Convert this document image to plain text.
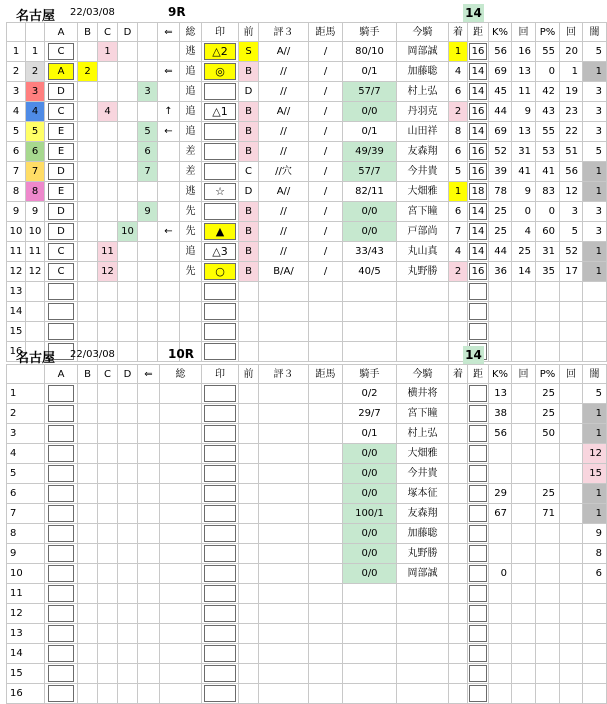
名古屋 22/03/08	9R	14
		A	B	C	D		⇐	総	印	前	評３	距馬	騎手	今騎	着	距	K%	回	P%	回	闇
1	1	C		1				逃	△2	S	A//	/	80/10	岡部誠	1	16	56	16	55	20	5
2	2	A	2				⇐	追	◎	B	//	/	0/1	加藤聡	4	14	69	13	0	1	1
3	3	D				3		追		D	//	/	57/7	村上弘	6	14	45	11	42	19	3
4	4	C		4			↑	追	△1	B	A//	/	0/0	丹羽克	2	16	44	9	43	23	3
5	5	E				5	←	追		B	//	/	0/1	山田祥	8	14	69	13	55	22	3
6	6	E				6		差		B	//	/	49/39	友森翔	6	16	52	31	53	51	5
7	7	D				7		差		C	//穴	/	57/7	今井貴	5	16	39	41	41	56	1
8	8	E						逃	☆	D	A//	/	82/11	大畑雅	1	18	78	9	83	12	1
9	9	D				9		先		B	//	/	0/0	宮下瞳	6	14	25	0	0	3	3
10	10	D			10		←	先	▲	B	//	/	0/0	戸部尚	7	14	25	4	60	5	3
11	11	C		11				追	△3	B	//	/	33/43	丸山真	4	14	44	25	31	52	1
12	12	C		12				先	○	B	B/A/	/	40/5	丸野勝	2	16	36	14	35	17	1
13		

14		

15		

16		

名古屋 22/03/08	10R	14
	A	B	C	D	⇐	総	印	前	評３	距馬	騎手	今騎	着	距	K%	回	P%	回	闇
1											0/2	横井将			13		25		5
2											29/7	宮下瞳			38		25		1
3											0/1	村上弘			56		50		1
4											0/0	大畑雅							12
5											0/0	今井貴							15
6											0/0	塚本征			29		25		1
7											100/1	友森翔			67		71		1
8											0/0	加藤聡							9
9											0/0	丸野勝							8
10											0/0	岡部誠			0				6
11	

12	

13	

14	

15	

16	
